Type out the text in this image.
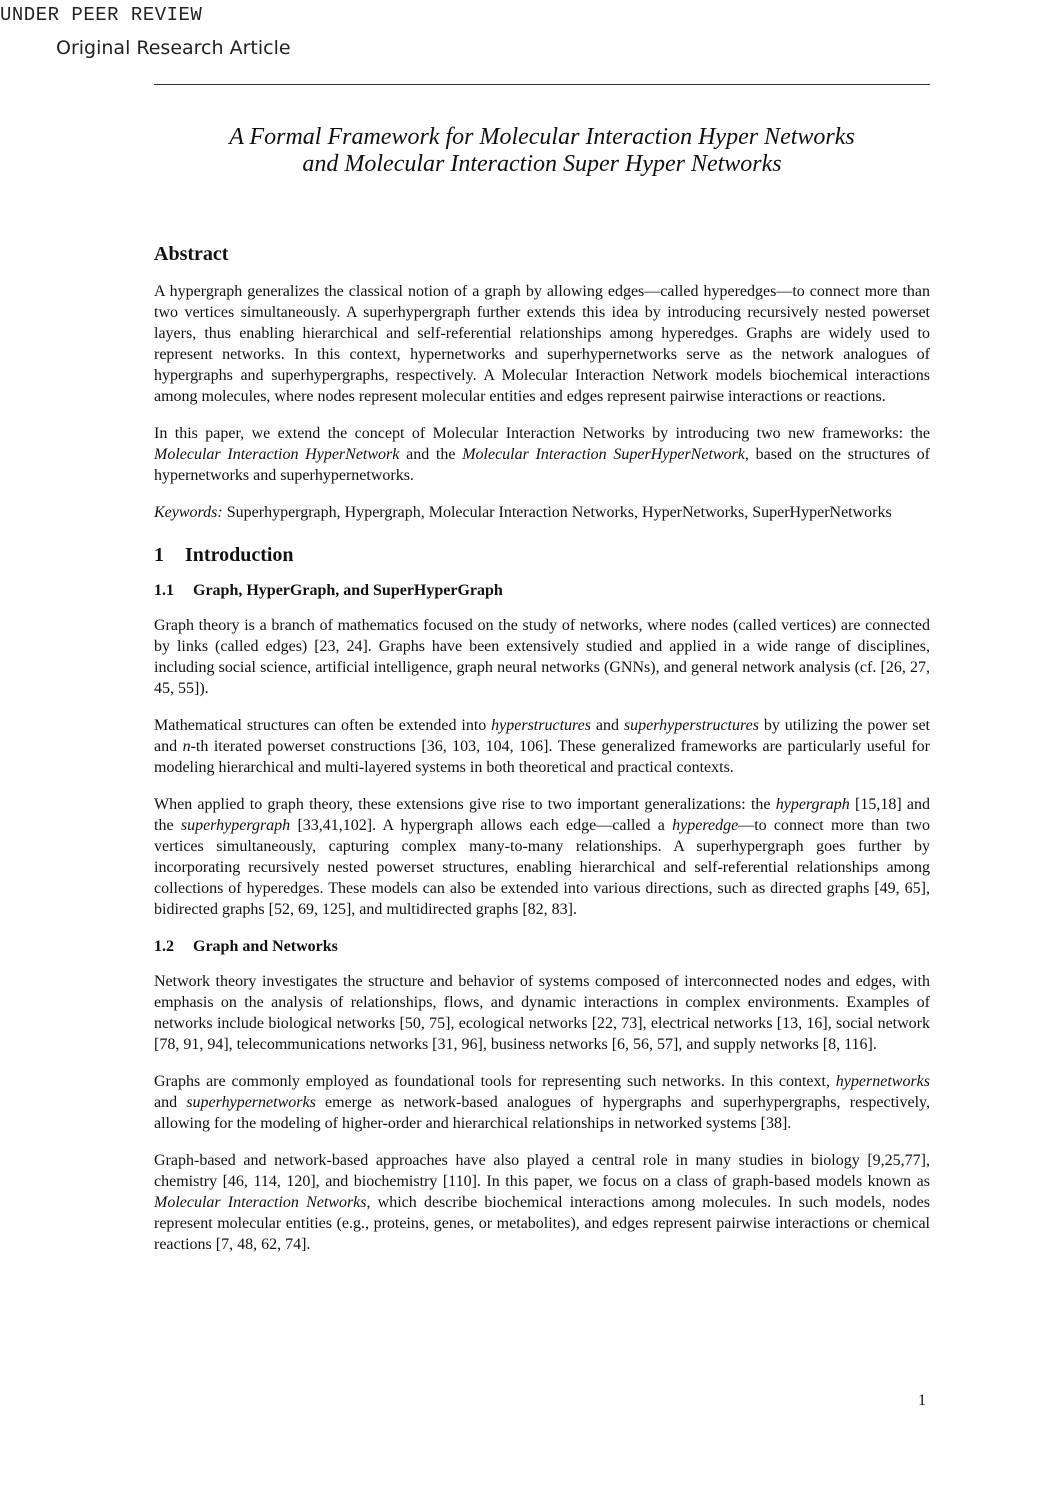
UNDER PEER REVIEW
Original Research Article
A Formal Framework for Molecular Interaction Hyper Networks
and Molecular Interaction Super Hyper Networks
Abstract

A hypergraph generalizes the classical notion of a graph by allowing edges—called hyperedges—to connect more than two vertices simultaneously. A superhypergraph further extends this idea by introducing recursively nested powerset layers, thus enabling hierarchical and self-referential relationships among hyperedges. Graphs are widely used to represent networks. In this context, hypernetworks and superhypernetworks serve as the network analogues of hypergraphs and superhypergraphs, respectively. A Molecular Interaction Network models biochemical interactions among molecules, where nodes represent molecular entities and edges represent pairwise interactions or reactions.

In this paper, we extend the concept of Molecular Interaction Networks by introducing two new frameworks: the Molecular Interaction HyperNetwork and the Molecular Interaction SuperHyperNetwork, based on the structures of hypernetworks and superhypernetworks.

Keywords: Superhypergraph, Hypergraph, Molecular Interaction Networks, HyperNetworks, SuperHyperNetworks

1 Introduction
1.1 Graph, HyperGraph, and SuperHyperGraph

Graph theory is a branch of mathematics focused on the study of networks, where nodes (called vertices) are connected by links (called edges) [23, 24]. Graphs have been extensively studied and applied in a wide range of disciplines, including social science, artificial intelligence, graph neural networks (GNNs), and general network analysis (cf. [26, 27, 45, 55]).

Mathematical structures can often be extended into hyperstructures and superhyperstructures by utilizing the power set and n-th iterated powerset constructions [36, 103, 104, 106]. These generalized frameworks are particularly useful for modeling hierarchical and multi-layered systems in both theoretical and practical contexts.

When applied to graph theory, these extensions give rise to two important generalizations: the hypergraph [15,18] and the superhypergraph [33,41,102]. A hypergraph allows each edge—called a hyperedge—to connect more than two vertices simultaneously, capturing complex many-to-many relationships. A superhypergraph goes further by incorporating recursively nested powerset structures, enabling hierarchical and self-referential relationships among collections of hyperedges. These models can also be extended into various directions, such as directed graphs [49, 65], bidirected graphs [52, 69, 125], and multidirected graphs [82, 83].

1.2 Graph and Networks

Network theory investigates the structure and behavior of systems composed of interconnected nodes and edges, with emphasis on the analysis of relationships, flows, and dynamic interactions in complex environments. Examples of networks include biological networks [50, 75], ecological networks [22, 73], electrical networks [13, 16], social network [78, 91, 94], telecommunications networks [31, 96], business networks [6, 56, 57], and supply networks [8, 116].

Graphs are commonly employed as foundational tools for representing such networks. In this context, hypernetworks and superhypernetworks emerge as network-based analogues of hypergraphs and superhypergraphs, respectively, allowing for the modeling of higher-order and hierarchical relationships in networked systems [38].

Graph-based and network-based approaches have also played a central role in many studies in biology [9,25,77], chemistry [46, 114, 120], and biochemistry [110]. In this paper, we focus on a class of graph-based models known as Molecular Interaction Networks, which describe biochemical interactions among molecules. In such models, nodes represent molecular entities (e.g., proteins, genes, or metabolites), and edges represent pairwise interactions or chemical reactions [7, 48, 62, 74].

1
